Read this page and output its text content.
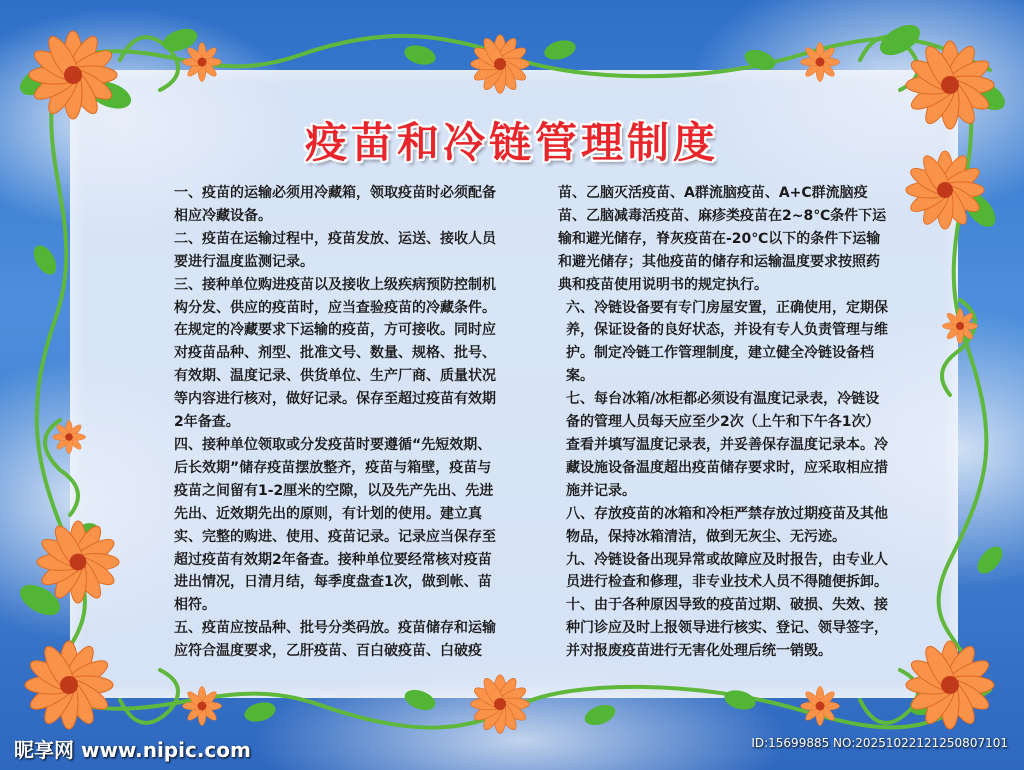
疫苗和冷链管理制度
一、疫苗的运输必须用冷藏箱，领取疫苗时必须配备相应冷藏设备。
二、疫苗在运输过程中，疫苗发放、运送、接收人员要进行温度监测记录。
三、接种单位购进疫苗以及接收上级疾病预防控制机构分发、供应的疫苗时，应当查验疫苗的冷藏条件。在规定的冷藏要求下运输的疫苗，方可接收。同时应对疫苗品种、剂型、批准文号、数量、规格、批号、有效期、温度记录、供货单位、生产厂商、质量状况等内容进行核对，做好记录。保存至超过疫苗有效期2年备查。
四、接种单位领取或分发疫苗时要遵循“先短效期、后长效期”储存疫苗摆放整齐，疫苗与箱壁，疫苗与疫苗之间留有1-2厘米的空隙，以及先产先出、先进先出、近效期先出的原则，有计划的使用。建立真实、完整的购进、使用、疫苗记录。记录应当保存至超过疫苗有效期2年备查。接种单位要经常核对疫苗进出情况，日清月结，每季度盘查1次，做到帐、苗相符。
五、疫苗应按品种、批号分类码放。疫苗储存和运输应符合温度要求，乙肝疫苗、百白破疫苗、白破疫
苗、乙脑灭活疫苗、A群流脑疫苗、A+C群流脑疫苗、乙脑减毒活疫苗、麻疹类疫苗在2~8℃条件下运输和避光储存，脊灰疫苗在-20℃以下的条件下运输和避光储存；其他疫苗的储存和运输温度要求按照药典和疫苗使用说明书的规定执行。
六、冷链设备要有专门房屋安置，正确使用，定期保养，保证设备的良好状态，并设有专人负责管理与维护。制定冷链工作管理制度，建立健全冷链设备档案。
七、每台冰箱/冰柜都必须设有温度记录表，冷链设备的管理人员每天应至少2次（上午和下午各1次）查看并填写温度记录表，并妥善保存温度记录本。冷藏设施设备温度超出疫苗储存要求时，应采取相应措施并记录。
八、存放疫苗的冰箱和冷柜严禁存放过期疫苗及其他物品，保持冰箱清洁，做到无灰尘、无污迹。
九、冷链设备出现异常或故障应及时报告，由专业人员进行检查和修理，非专业技术人员不得随便拆卸。
十、由于各种原因导致的疫苗过期、破损、失效、接种门诊应及时上报领导进行核实、登记、领导签字，并对报废疫苗进行无害化处理后统一销毁。
昵享网 www.nipic.com	ID:15699885 NO:20251022121250807101
